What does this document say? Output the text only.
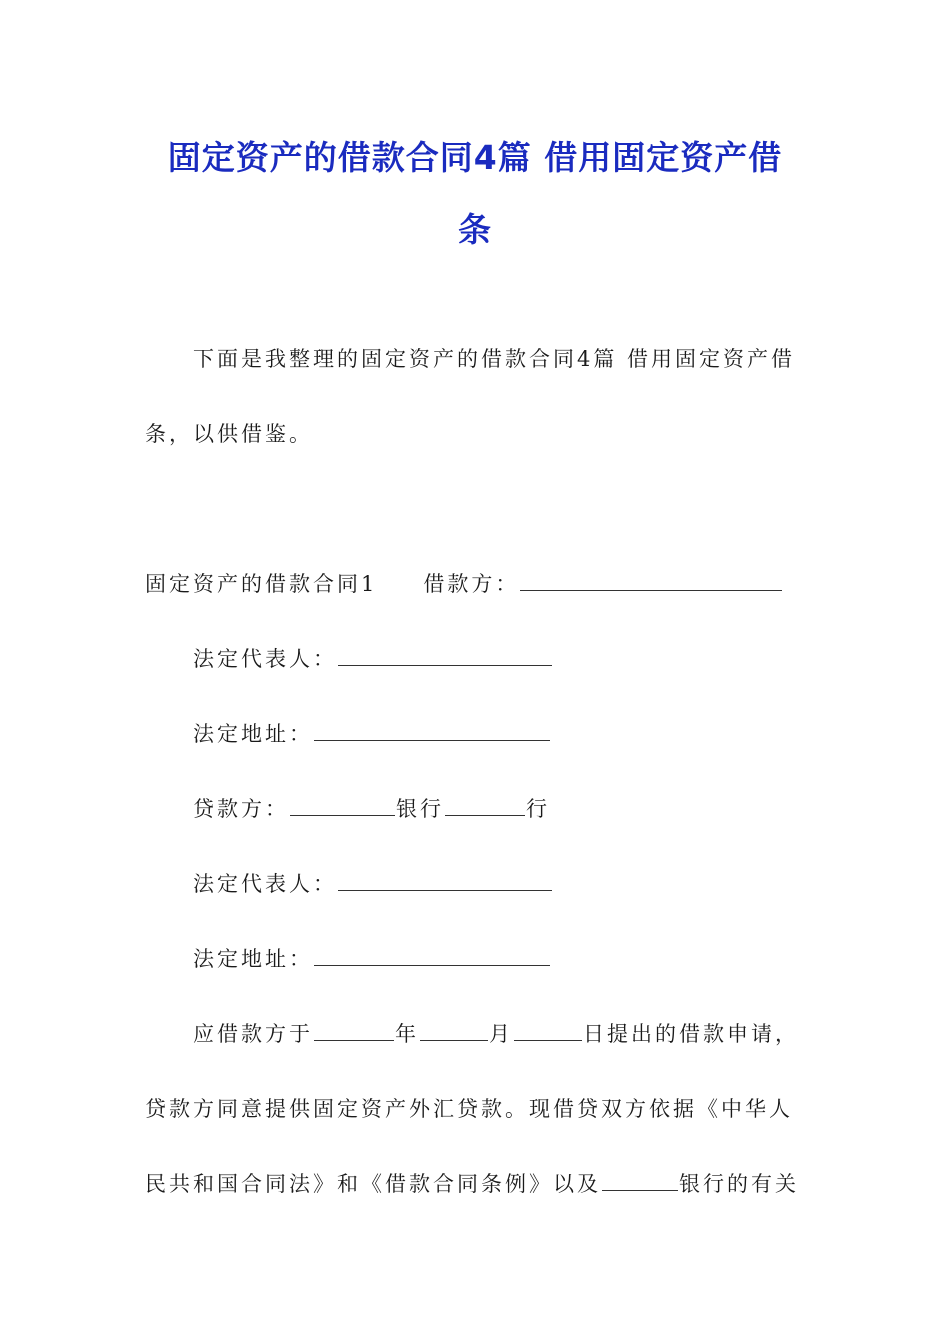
固定资产的借款合同4篇 借用固定资产借
条
下面是我整理的固定资产的借款合同4篇 借用固定资产借
条，以供借鉴。
固定资产的借款合同1 借款方：
法定代表人：
法定地址：
贷款方：	银行	行
法定代表人：
法定地址：
应借款方于	年	月	日提出的借款申请，
贷款方同意提供固定资产外汇贷款。现借贷双方依据《中华人
民共和国合同法》和《借款合同条例》以及	银行的有关
